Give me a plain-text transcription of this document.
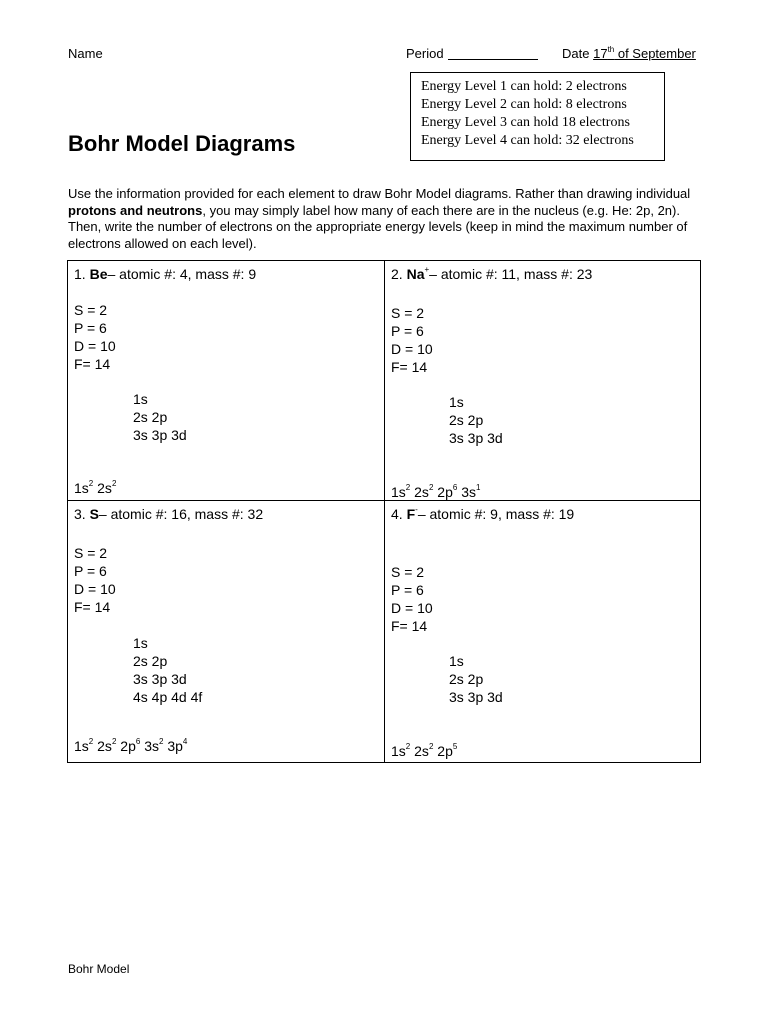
Name	Period	Date 17th of September
Energy Level 1 can hold: 2 electrons
Energy Level 2 can hold: 8 electrons
Energy Level 3 can hold 18 electrons
Energy Level 4 can hold: 32 electrons
Bohr Model Diagrams
Use the information provided for each element to draw Bohr Model diagrams. Rather than drawing individual protons and neutrons, you may simply label how many of each there are in the nucleus (e.g. He: 2p, 2n). Then, write the number of electrons on the appropriate energy levels (keep in mind the maximum number of electrons allowed on each level).
1. Be– atomic #: 4, mass #: 9
S = 2
P = 6
D = 10
F= 14
1s
2s 2p
3s 3p 3d
$1s^2$ $2s^2$
2. Na+– atomic #: 11, mass #: 23
S = 2
P = 6
D = 10
F= 14
1s
2s 2p
3s 3p 3d
$1s^2$ $2s^2$ $2p^6$ $3s^1$
3. S– atomic #: 16, mass #: 32
S = 2
P = 6
D = 10
F= 14
1s
2s 2p
3s 3p 3d
4s 4p 4d 4f
$1s^2$ $2s^2$ $2p^6$ $3s^2$ $3p^4$
4. F-– atomic #: 9, mass #: 19
S = 2
P = 6
D = 10
F= 14
1s
2s 2p
3s 3p 3d
$1s^2$ $2s^2$ $2p^5$
Bohr Model
